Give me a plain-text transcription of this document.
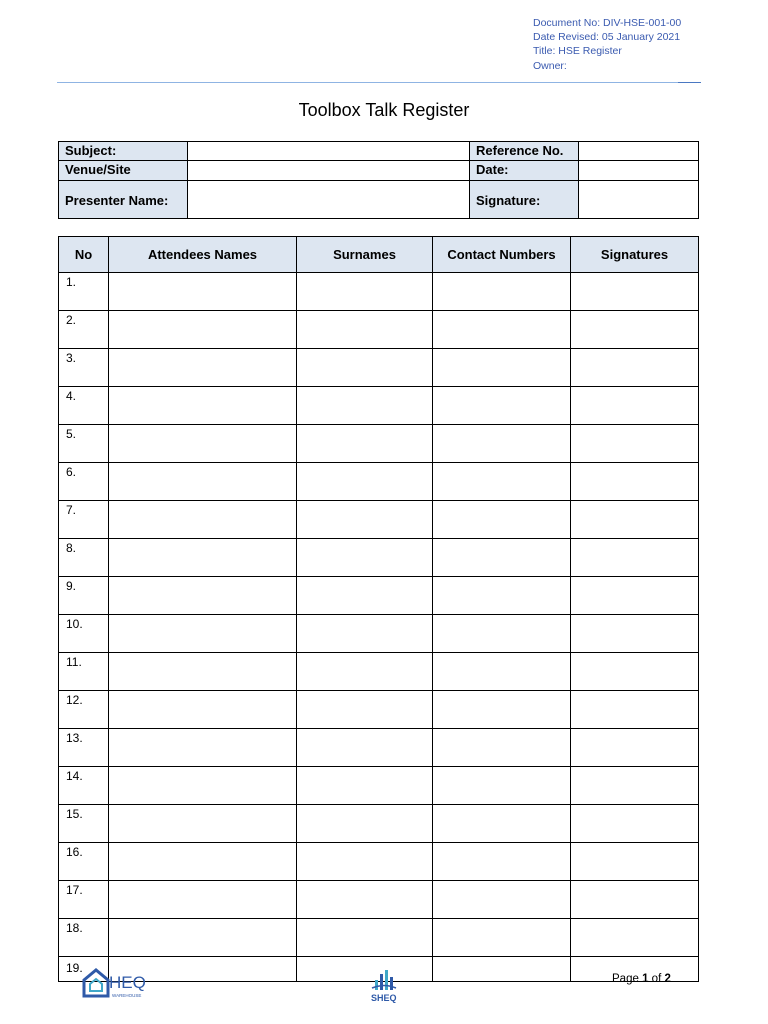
Document No: DIV-HSE-001-00
Date Revised: 05 January 2021
Title: HSE Register
Owner:
Toolbox Talk Register
Subject:		Reference No.	
Venue/Site		Date:	
Presenter Name:		Signature:	
No	Attendees Names	Surnames	Contact Numbers	Signatures
1.				
2.				
3.				
4.				
5.				
6.				
7.				
8.				
9.				
10.				
11.				
12.				
13.				
14.				
15.				
16.				
17.				
18.				
19.				
HEQ
WAREHOUSE	SHEQ
Page 1 of 2
